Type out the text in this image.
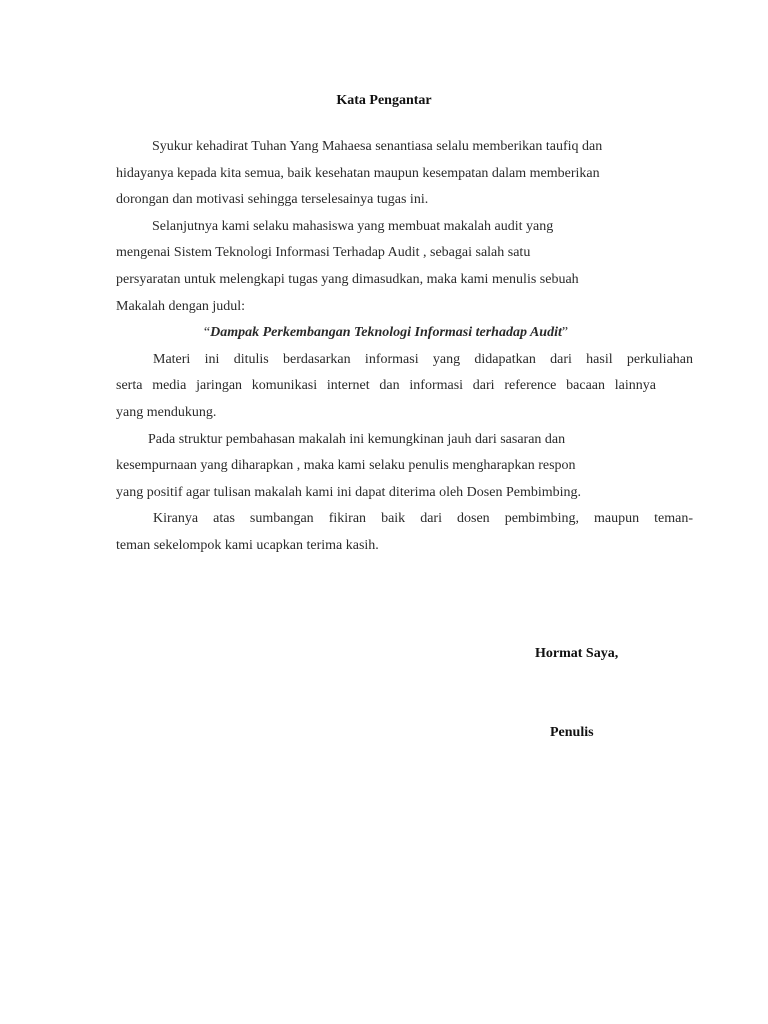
Kata Pengantar
Syukur kehadirat Tuhan Yang Mahaesa senantiasa selalu memberikan taufiq dan
hidayanya kepada kita semua, baik kesehatan maupun kesempatan dalam memberikan
dorongan dan motivasi sehingga terselesainya tugas ini.
Selanjutnya kami selaku mahasiswa yang membuat makalah audit yang
mengenai Sistem Teknologi Informasi Terhadap Audit , sebagai salah satu
persyaratan untuk melengkapi tugas yang dimasudkan, maka kami menulis sebuah
Makalah dengan judul:
“Dampak Perkembangan Teknologi Informasi terhadap Audit”
Materi ini ditulis berdasarkan informasi yang didapatkan dari hasil perkuliahan
serta media jaringan komunikasi internet dan informasi dari reference bacaan lainnya
yang mendukung.
Pada struktur pembahasan makalah ini kemungkinan jauh dari sasaran dan
kesempurnaan yang diharapkan , maka kami selaku penulis mengharapkan respon
yang positif agar tulisan makalah kami ini dapat diterima oleh Dosen Pembimbing.
Kiranya atas sumbangan fikiran baik dari dosen pembimbing, maupun teman-
teman sekelompok kami ucapkan terima kasih.
Hormat Saya,
Penulis
